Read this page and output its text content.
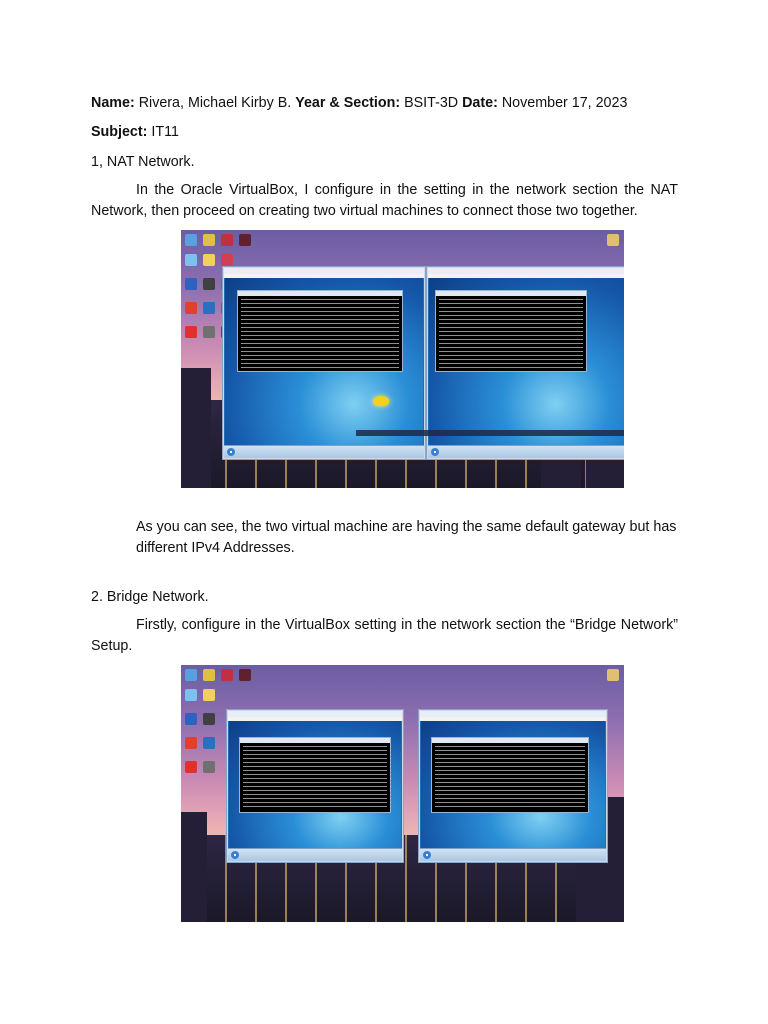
Name: Rivera, Michael Kirby B. Year & Section: BSIT-3D Date: November 17, 2023
Subject: IT11
1, NAT Network.
In the Oracle VirtualBox, I configure in the setting in the network section the NAT Network, then proceed on creating two virtual machines to connect those two together.
As you can see, the two virtual machine are having the same default gateway but has different IPv4 Addresses.
2. Bridge Network.
Firstly, configure in the VirtualBox setting in the network section the “Bridge Network” Setup.
